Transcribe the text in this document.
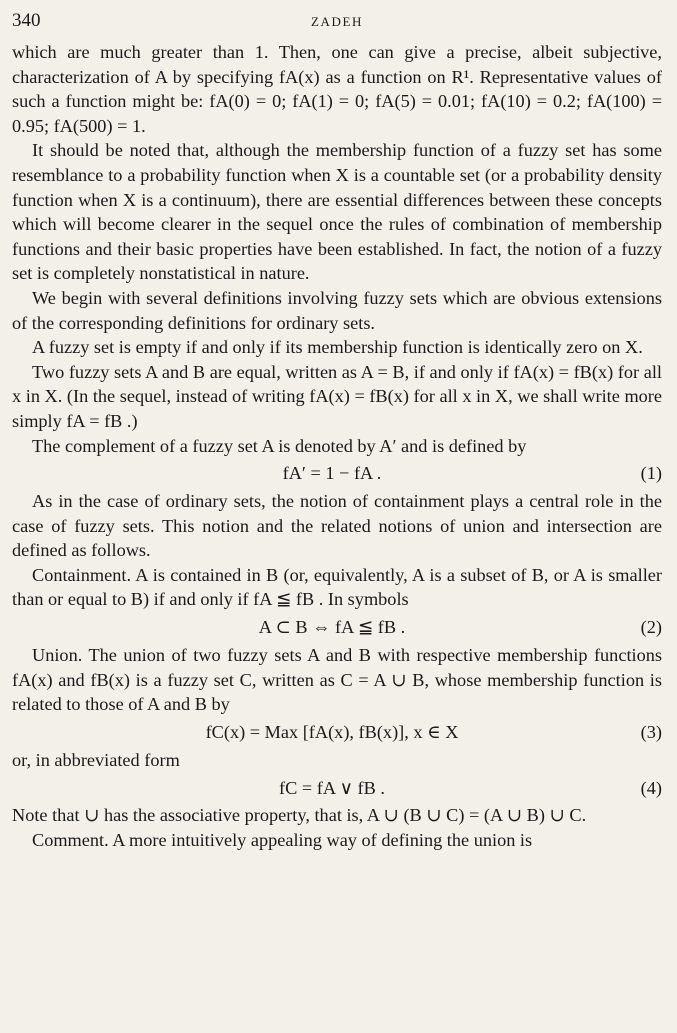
340	ZADEH

which are much greater than 1. Then, one can give a precise, albeit subjective, characterization of A by specifying fA(x) as a function on R¹. Representative values of such a function might be: fA(0) = 0; fA(1) = 0; fA(5) = 0.01; fA(10) = 0.2; fA(100) = 0.95; fA(500) = 1.

It should be noted that, although the membership function of a fuzzy set has some resemblance to a probability function when X is a countable set (or a probability density function when X is a continuum), there are essential differences between these concepts which will become clearer in the sequel once the rules of combination of membership functions and their basic properties have been established. In fact, the notion of a fuzzy set is completely nonstatistical in nature.

We begin with several definitions involving fuzzy sets which are obvious extensions of the corresponding definitions for ordinary sets.

A fuzzy set is empty if and only if its membership function is identically zero on X.

Two fuzzy sets A and B are equal, written as A = B, if and only if fA(x) = fB(x) for all x in X. (In the sequel, instead of writing fA(x) = fB(x) for all x in X, we shall write more simply fA = fB .)

The complement of a fuzzy set A is denoted by A′ and is defined by

fA′ = 1 − fA .	(1)

As in the case of ordinary sets, the notion of containment plays a central role in the case of fuzzy sets. This notion and the related notions of union and intersection are defined as follows.

Containment. A is contained in B (or, equivalently, A is a subset of B, or A is smaller than or equal to B) if and only if fA ≦ fB . In symbols

A ⊂ B ⇔ fA ≦ fB .	(2)

Union. The union of two fuzzy sets A and B with respective membership functions fA(x) and fB(x) is a fuzzy set C, written as C = A ∪ B, whose membership function is related to those of A and B by

fC(x) = Max [fA(x), fB(x)], x ∈ X	(3)

or, in abbreviated form

fC = fA ∨ fB .	(4)

Note that ∪ has the associative property, that is, A ∪ (B ∪ C) = (A ∪ B) ∪ C.

Comment. A more intuitively appealing way of defining the union is
